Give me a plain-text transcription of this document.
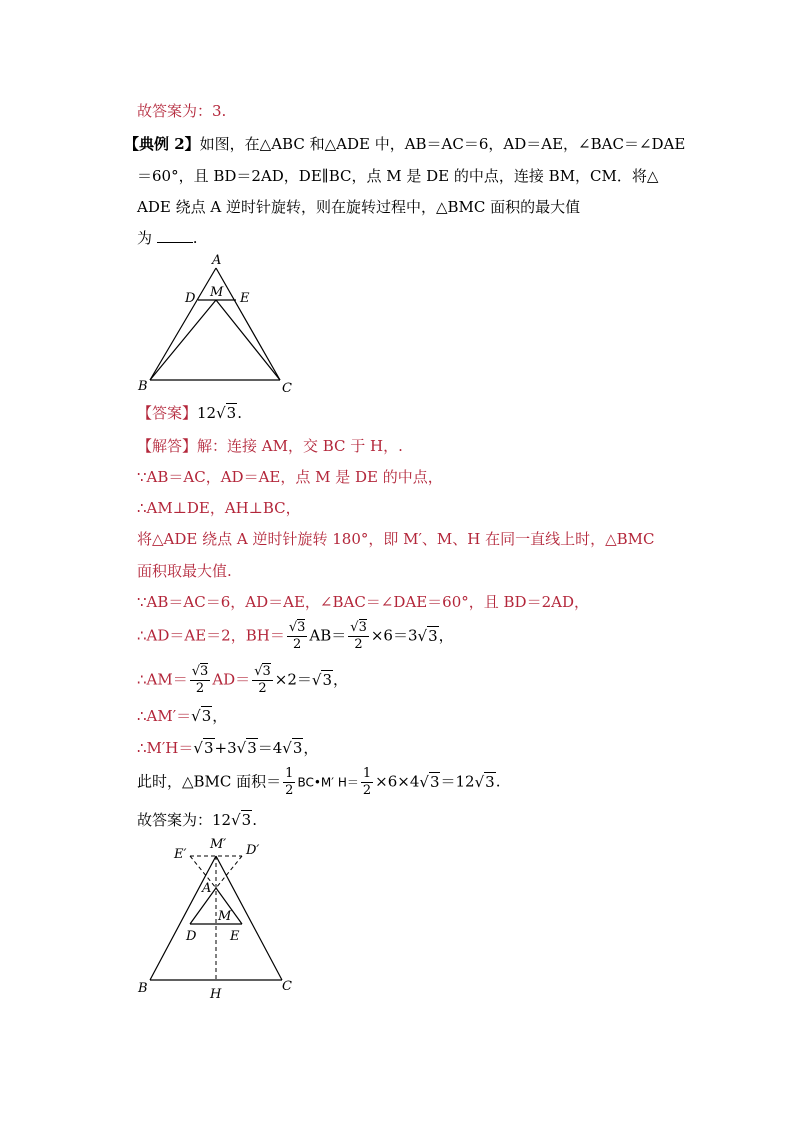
故答案为：3.
【典例 2】如图，在△ABC 和△ADE 中，AB＝AC＝6，AD＝AE，∠BAC＝∠DAE
＝60°，且 BD＝2AD，DE∥BC，点 M 是 DE 的中点，连接 BM，CM．将△
ADE 绕点 A 逆时针旋转，则在旋转过程中，△BMC 面积的最大值
为	.
A
M
D	E
B	C
【答案】12√3.
【解答】解：连接 AM，交 BC 于 H，.
∵AB＝AC，AD＝AE，点 M 是 DE 的中点，
∴AM⊥DE，AH⊥BC，
将△ADE 绕点 A 逆时针旋转 180°，即 M′、M、H 在同一直线上时，△BMC
面积取最大值.
∵AB＝AC＝6，AD＝AE，∠BAC＝∠DAE＝60°，且 BD＝2AD，
∴AD＝AE＝2，$BH= \frac{√3}{2} AB= \frac{√3}{2} \times 6=3√3$，
∴AM＝ $\frac{√3}{2} AD= \frac{√3}{2} \times 2=√3$，
∴AM′＝√3，
∴M′H＝√3+3√3＝4√3，
此时，△BMC 面积＝ $\frac{1}{2}$ BC•M′ $H= \frac{1}{2} \times 6\times 4√3=12√3$.
故答案为：12√3.
M′
E′	D′
A
M
D	E
B	H
C
